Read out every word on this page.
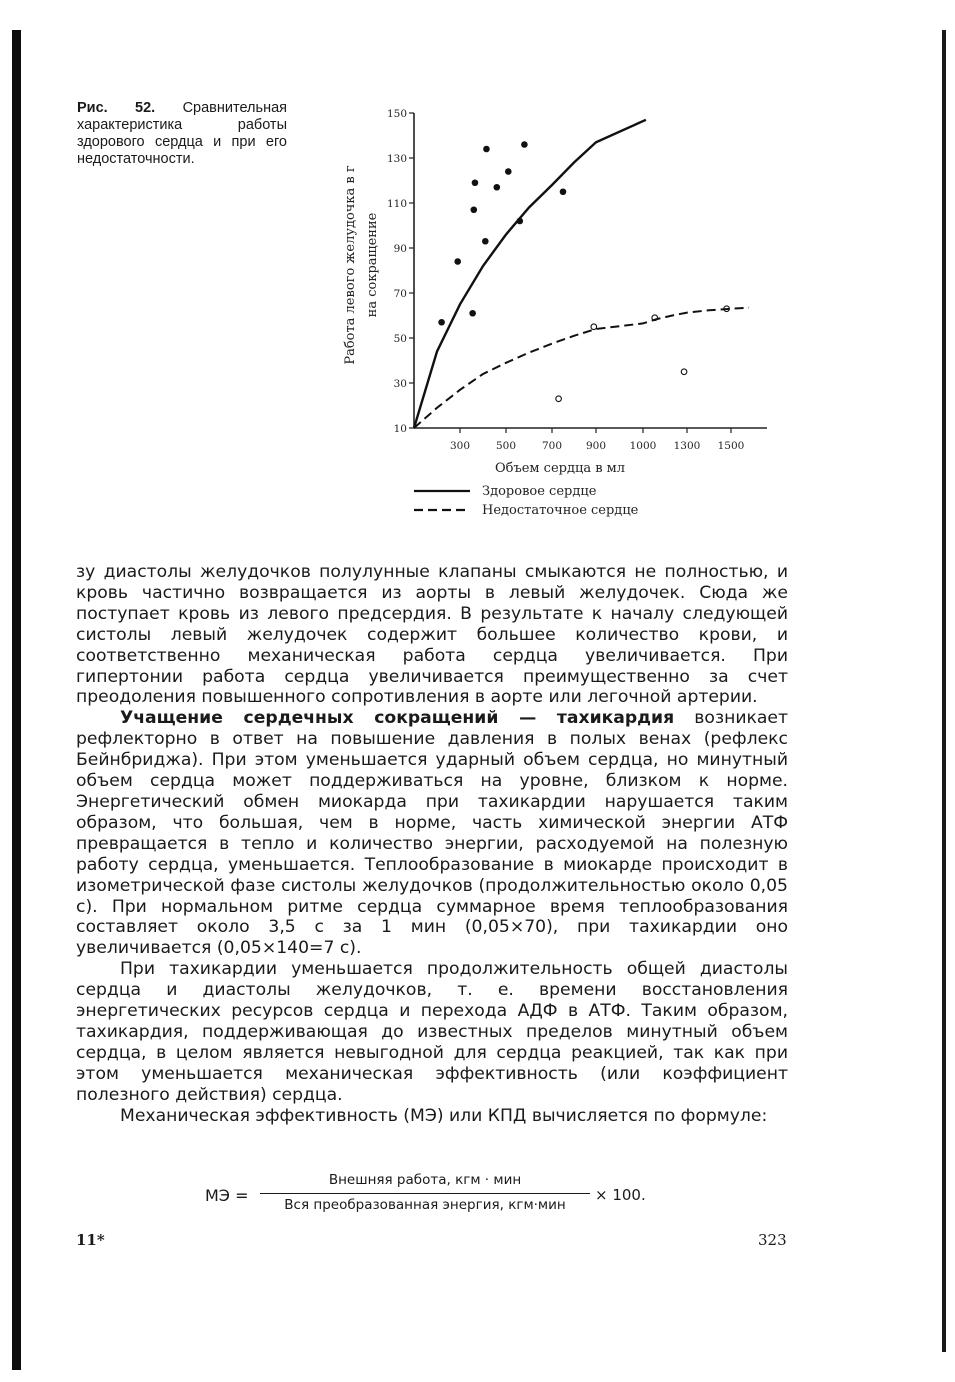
Рис. 52. Сравнительная характеристика работы здорового сердца и при его недостаточности.
150
130
110
90
70
50
30
10
300 500 700 900 1000 1300 1500
Объем сердца в мл
Работа левого желудочка в г на сокращение
Здоровое сердце
Недостаточное сердце

зу диастолы желудочков полулунные клапаны смыкаются не полностью, и кровь частично возвращается из аорты в левый желудочек. Сюда же поступает кровь из левого предсердия. В результате к началу следующей систолы левый желудочек содержит большее количество крови, и соответственно механическая работа сердца увеличивается. При гипертонии работа сердца увеличивается преимущественно за счет преодоления повышенного сопротивления в аорте или легочной артерии.

Учащение сердечных сокращений — тахикардия возникает рефлекторно в ответ на повышение давления в полых венах (рефлекс Бейнбриджа). При этом уменьшается ударный объем сердца, но минутный объем сердца может поддерживаться на уровне, близком к норме. Энергетический обмен миокарда при тахикардии нарушается таким образом, что большая, чем в норме, часть химической энергии АТФ превращается в тепло и количество энергии, расходуемой на полезную работу сердца, уменьшается. Теплообразование в миокарде происходит в изометрической фазе систолы желудочков (продолжительностью около 0,05 с). При нормальном ритме сердца суммарное время теплообразования составляет около 3,5 с за 1 мин (0,05×70), при тахикардии оно увеличивается (0,05×140=7 с).

При тахикардии уменьшается продолжительность общей диастолы сердца и диастолы желудочков, т. е. времени восстановления энергетических ресурсов сердца и перехода АДФ в АТФ. Таким образом, тахикардия, поддерживающая до известных пределов минутный объем сердца, в целом является невыгодной для сердца реакцией, так как при этом уменьшается механическая эффективность (или коэффициент полезного действия) сердца.

Механическая эффективность (МЭ) или КПД вычисляется по формуле:

МЭ =
Внешняя работа, кгм · мин
Вся преобразованная энергия, кгм·мин
× 100.
11*	323
